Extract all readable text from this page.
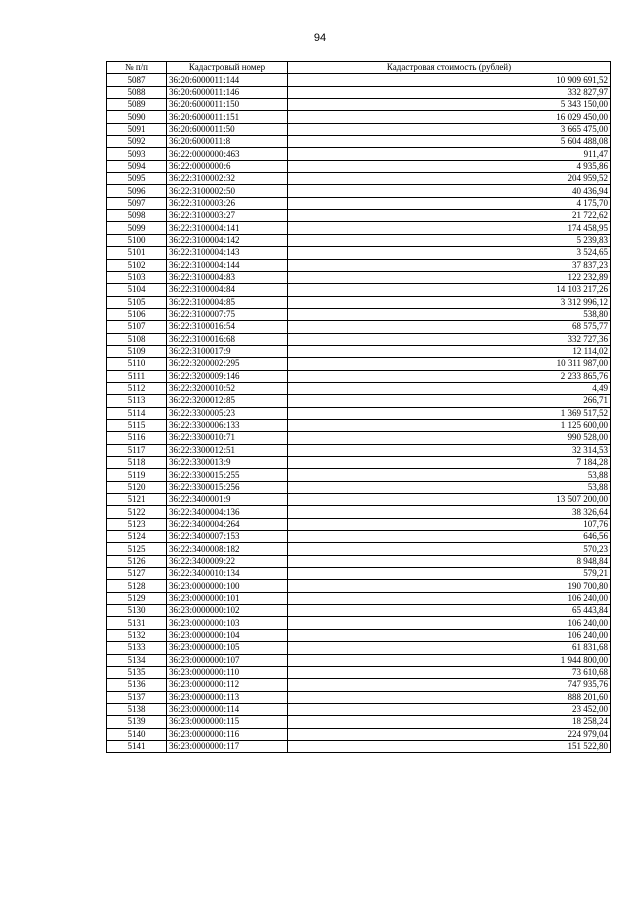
94
№ п/п	Кадастровый номер	Кадастровая стоимость (рублей)
5087	36:20:6000011:144	10 909 691,52
5088	36:20:6000011:146	332 827,97
5089	36:20:6000011:150	5 343 150,00
5090	36:20:6000011:151	16 029 450,00
5091	36:20:6000011:50	3 665 475,00
5092	36:20:6000011:8	5 604 488,08
5093	36:22:0000000:463	911,47
5094	36:22:0000000:6	4 935,86
5095	36:22:3100002:32	204 959,52
5096	36:22:3100002:50	40 436,94
5097	36:22:3100003:26	4 175,70
5098	36:22:3100003:27	21 722,62
5099	36:22:3100004:141	174 458,95
5100	36:22:3100004:142	5 239,83
5101	36:22:3100004:143	3 524,65
5102	36:22:3100004:144	37 837,23
5103	36:22:3100004:83	122 232,89
5104	36:22:3100004:84	14 103 217,26
5105	36:22:3100004:85	3 312 996,12
5106	36:22:3100007:75	538,80
5107	36:22:3100016:54	68 575,77
5108	36:22:3100016:68	332 727,36
5109	36:22:3100017:9	12 114,02
5110	36:22:3200002:295	10 311 987,00
5111	36:22:3200009:146	2 233 865,76
5112	36:22:3200010:52	4,49
5113	36:22:3200012:85	266,71
5114	36:22:3300005:23	1 369 517,52
5115	36:22:3300006:133	1 125 600,00
5116	36:22:3300010:71	990 528,00
5117	36:22:3300012:51	32 314,53
5118	36:22:3300013:9	7 184,28
5119	36:22:3300015:255	53,88
5120	36:22:3300015:256	53,88
5121	36:22:3400001:9	13 507 200,00
5122	36:22:3400004:136	38 326,64
5123	36:22:3400004:264	107,76
5124	36:22:3400007:153	646,56
5125	36:22:3400008:182	570,23
5126	36:22:3400009:22	8 948,84
5127	36:22:3400010:134	579,21
5128	36:23:0000000:100	190 700,80
5129	36:23:0000000:101	106 240,00
5130	36:23:0000000:102	65 443,84
5131	36:23:0000000:103	106 240,00
5132	36:23:0000000:104	106 240,00
5133	36:23:0000000:105	61 831,68
5134	36:23:0000000:107	1 944 800,00
5135	36:23:0000000:110	73 610,68
5136	36:23:0000000:112	747 935,76
5137	36:23:0000000:113	888 201,60
5138	36:23:0000000:114	23 452,00
5139	36:23:0000000:115	18 258,24
5140	36:23:0000000:116	224 979,04
5141	36:23:0000000:117	151 522,80
